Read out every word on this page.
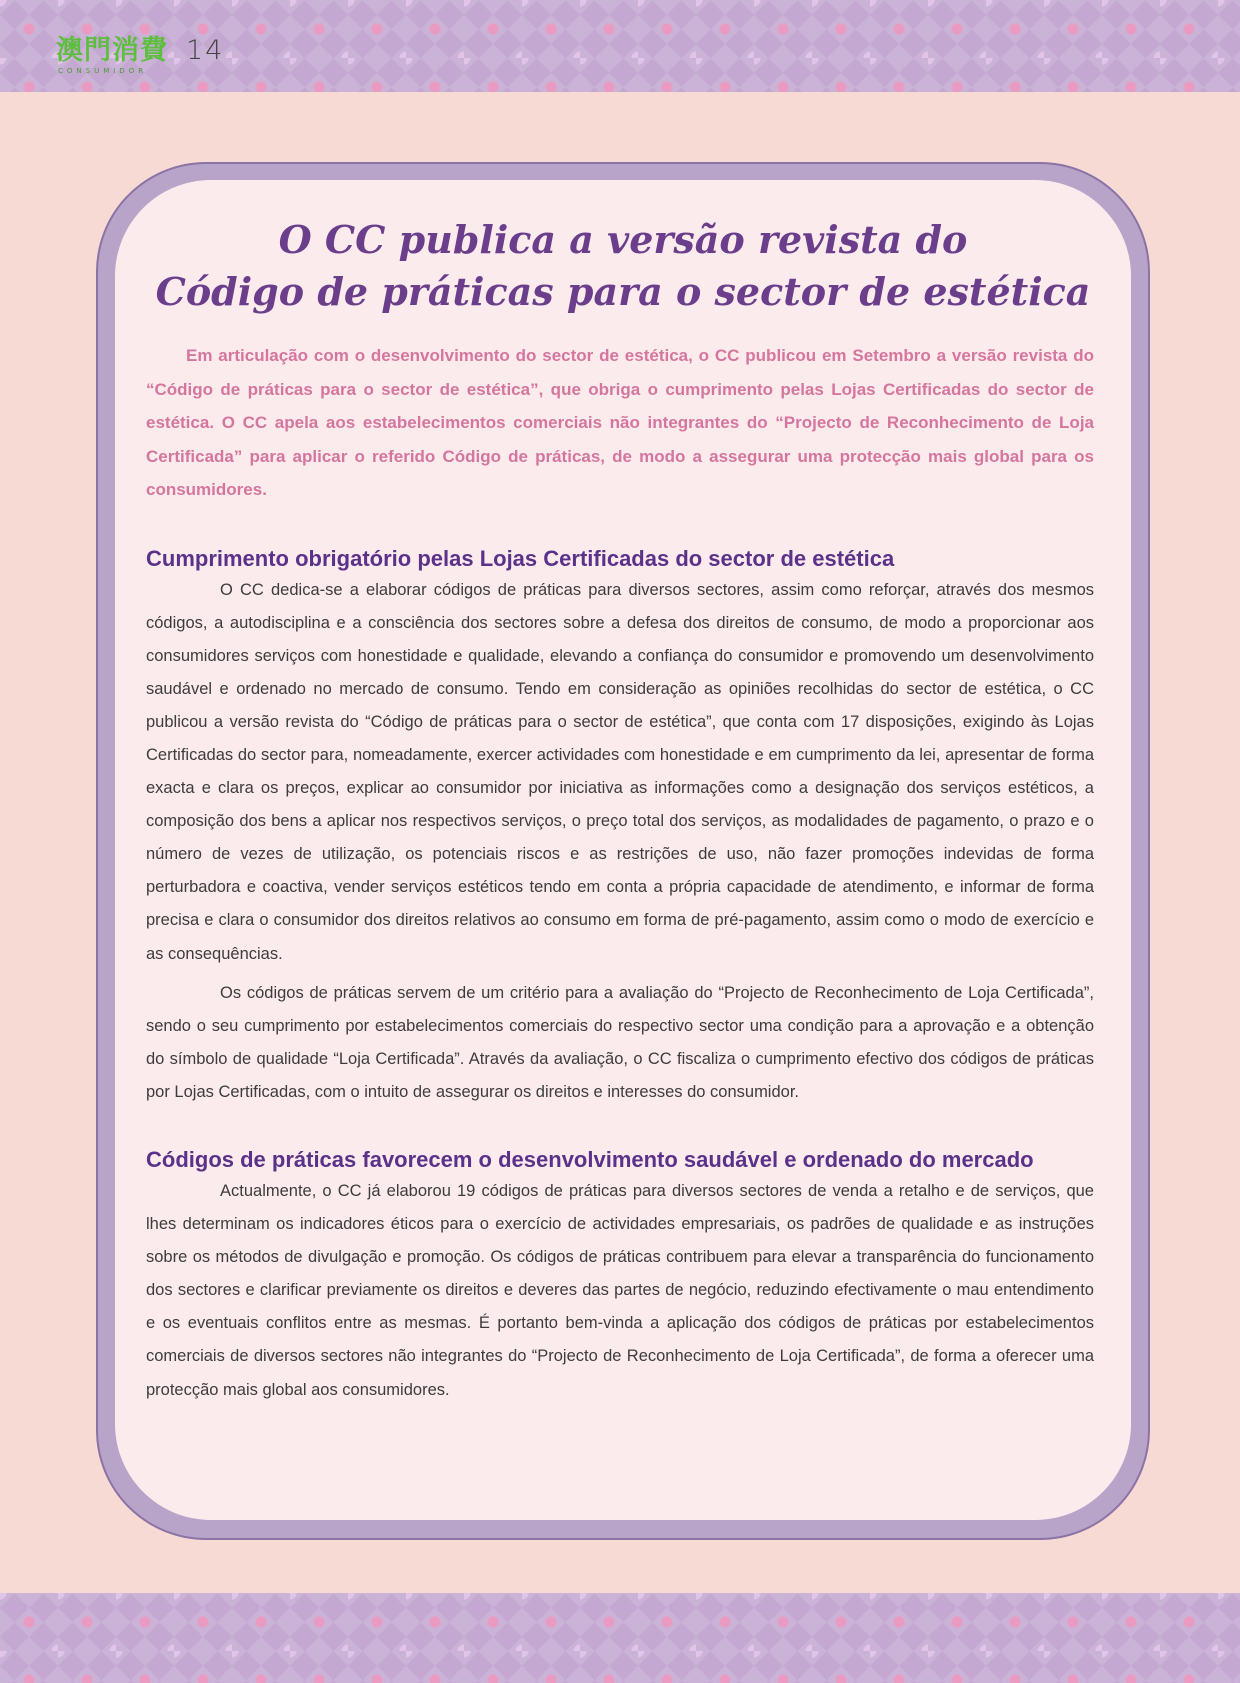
澳門消費
CONSUMIDOR
14
O CC publica a versão revista do
Código de práticas para o sector de estética

Em articulação com o desenvolvimento do sector de estética, o CC publicou em Setembro a versão revista do “Código de práticas para o sector de estética”, que obriga o cumprimento pelas Lojas Certificadas do sector de estética. O CC apela aos estabelecimentos comerciais não integrantes do “Projecto de Reconhecimento de Loja Certificada” para aplicar o referido Código de práticas, de modo a assegurar uma protecção mais global para os consumidores.

Cumprimento obrigatório pelas Lojas Certificadas do sector de estética

O CC dedica-se a elaborar códigos de práticas para diversos sectores, assim como reforçar, através dos mesmos códigos, a autodisciplina e a consciência dos sectores sobre a defesa dos direitos de consumo, de modo a proporcionar aos consumidores serviços com honestidade e qualidade, elevando a confiança do consumidor e promovendo um desenvolvimento saudável e ordenado no mercado de consumo. Tendo em consideração as opiniões recolhidas do sector de estética, o CC publicou a versão revista do “Código de práticas para o sector de estética”, que conta com 17 disposições, exigindo às Lojas Certificadas do sector para, nomeadamente, exercer actividades com honestidade e em cumprimento da lei, apresentar de forma exacta e clara os preços, explicar ao consumidor por iniciativa as informações como a designação dos serviços estéticos, a composição dos bens a aplicar nos respectivos serviços, o preço total dos serviços, as modalidades de pagamento, o prazo e o número de vezes de utilização, os potenciais riscos e as restrições de uso, não fazer promoções indevidas de forma perturbadora e coactiva, vender serviços estéticos tendo em conta a própria capacidade de atendimento, e informar de forma precisa e clara o consumidor dos direitos relativos ao consumo em forma de pré-pagamento, assim como o modo de exercício e as consequências.

Os códigos de práticas servem de um critério para a avaliação do “Projecto de Reconhecimento de Loja Certificada”, sendo o seu cumprimento por estabelecimentos comerciais do respectivo sector uma condição para a aprovação e a obtenção do símbolo de qualidade “Loja Certificada”. Através da avaliação, o CC fiscaliza o cumprimento efectivo dos códigos de práticas por Lojas Certificadas, com o intuito de assegurar os direitos e interesses do consumidor.

Códigos de práticas favorecem o desenvolvimento saudável e ordenado do mercado

Actualmente, o CC já elaborou 19 códigos de práticas para diversos sectores de venda a retalho e de serviços, que lhes determinam os indicadores éticos para o exercício de actividades empresariais, os padrões de qualidade e as instruções sobre os métodos de divulgação e promoção. Os códigos de práticas contribuem para elevar a transparência do funcionamento dos sectores e clarificar previamente os direitos e deveres das partes de negócio, reduzindo efectivamente o mau entendimento e os eventuais conflitos entre as mesmas. É portanto bem-vinda a aplicação dos códigos de práticas por estabelecimentos comerciais de diversos sectores não integrantes do “Projecto de Reconhecimento de Loja Certificada”, de forma a oferecer uma protecção mais global aos consumidores.
